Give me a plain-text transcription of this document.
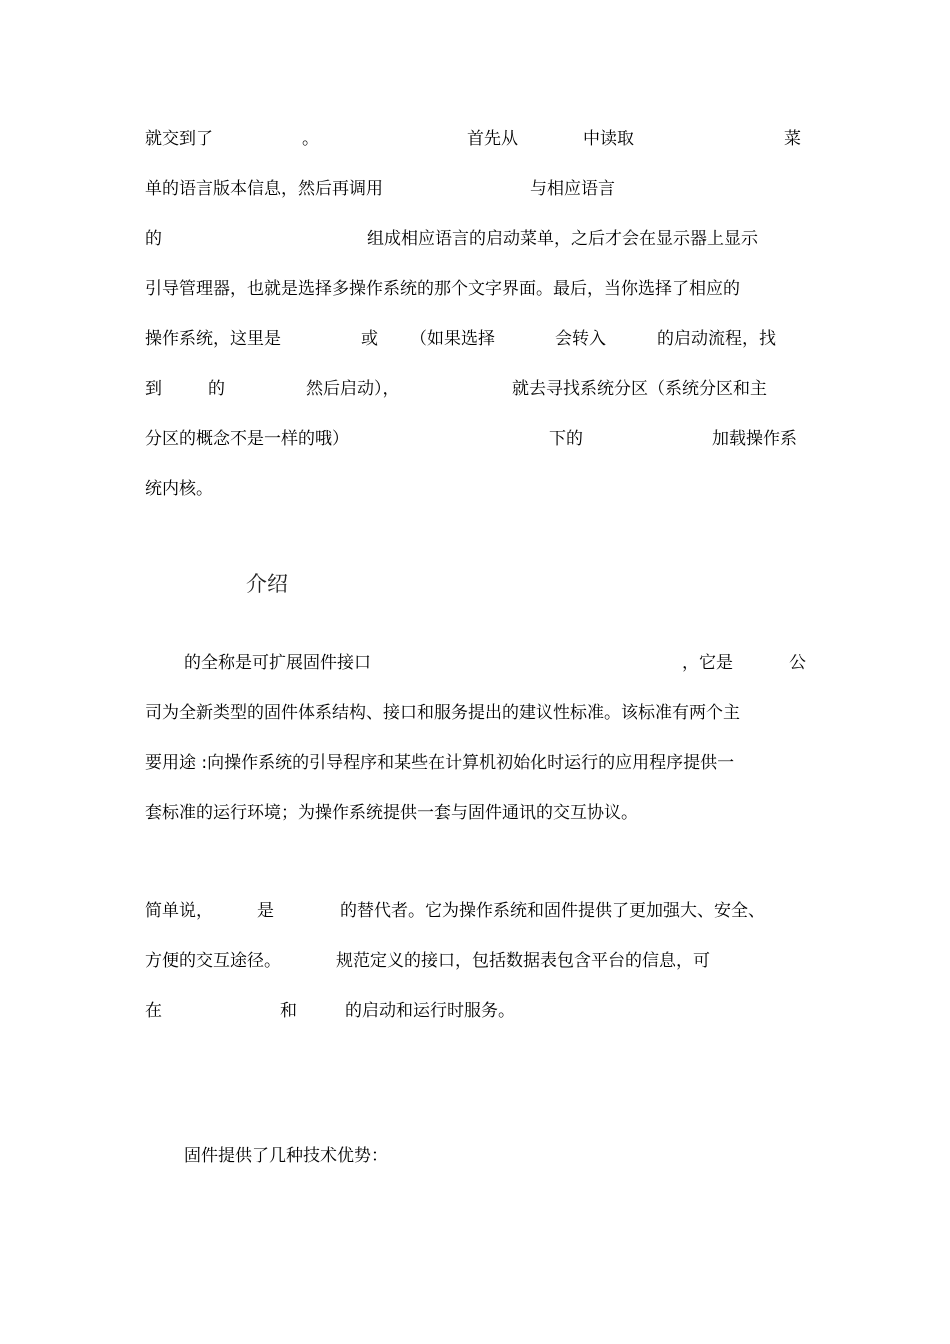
就交到了	。	首先从	中读取	菜
单的语言版本信息，然后再调用	与相应语言
的	组成相应语言的启动菜单，之后才会在显示器上显示
引导管理器，也就是选择多操作系统的那个文字界面。最后，当你选择了相应的
操作系统，这里是	或 （如果选择	会转入	的启动流程，找
到	的	然后启动），	就去寻找系统分区（系统分区和主
分区的概念不是一样的哦）	下的	加载操作系
统内核。
介绍
的全称是可扩展固件接口	，它是	公
司为全新类型的固件体系结构、接口和服务提出的建议性标准。该标准有两个主
要用途 :向操作系统的引导程序和某些在计算机初始化时运行的应用程序提供一
套标准的运行环境；为操作系统提供一套与固件通讯的交互协议。
简单说，	是	的替代者。它为操作系统和固件提供了更加强大、安全、
方便的交互途径。	规范定义的接口，包括数据表包含平台的信息，可
在	和	的启动和运行时服务。
固件提供了几种技术优势：
